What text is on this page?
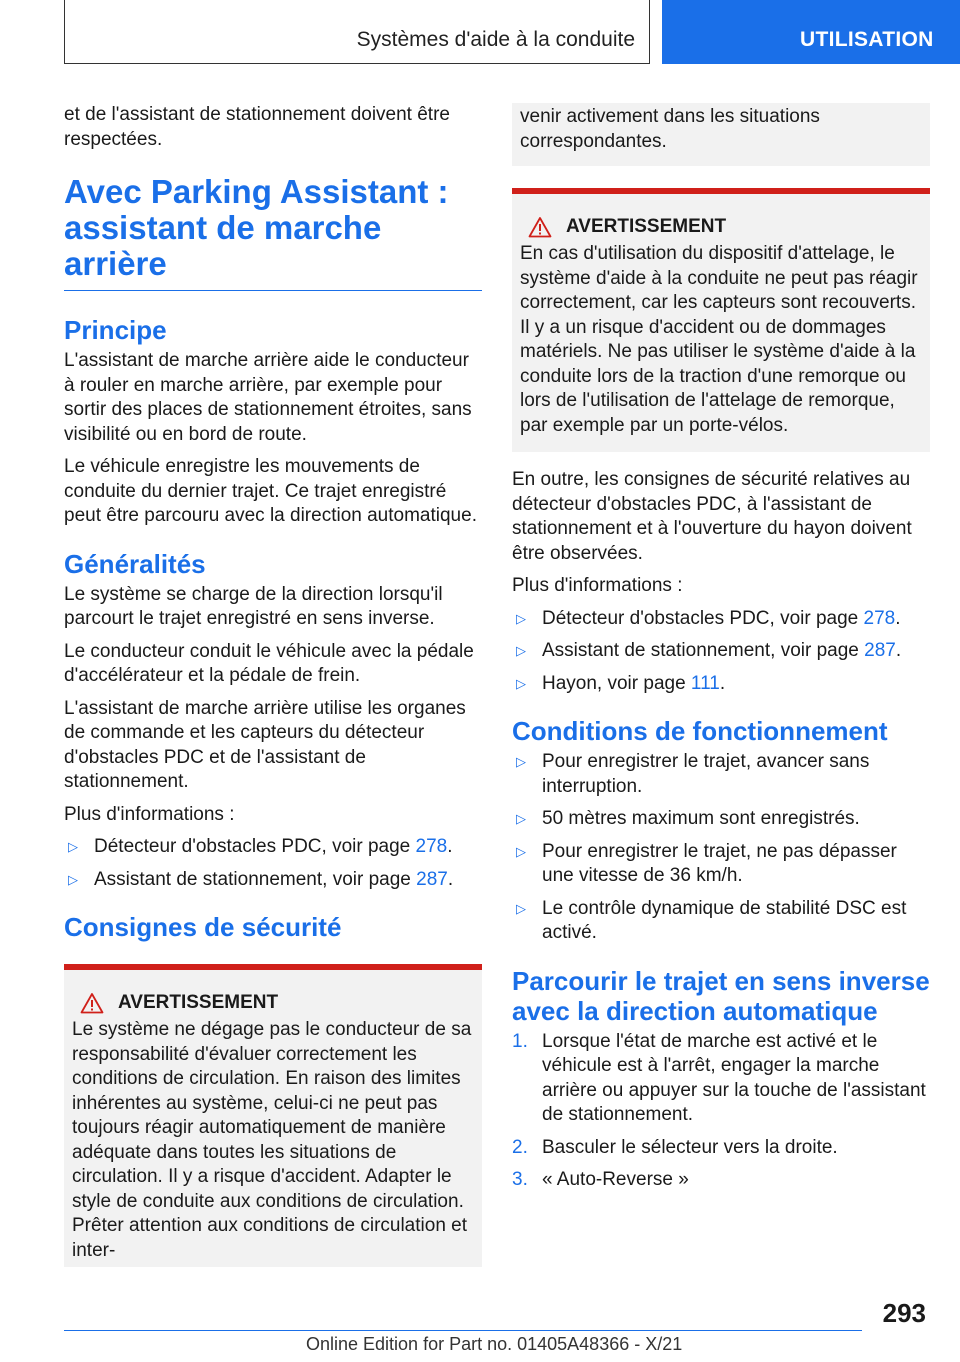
Systèmes d'aide à la conduite	UTILISATION

et de l'assistant de stationnement doivent être respectées.

Avec Parking Assistant : assistant de marche arrière
Principe

L'assistant de marche arrière aide le conducteur à rouler en marche arrière, par exemple pour sortir des places de stationnement étroites, sans visibilité ou en bord de route.

Le véhicule enregistre les mouvements de conduite du dernier trajet. Ce trajet enregistré peut être parcouru avec la direction automatique.

Généralités

Le système se charge de la direction lorsqu'il parcourt le trajet enregistré en sens inverse.

Le conducteur conduit le véhicule avec la pédale d'accélérateur et la pédale de frein.

L'assistant de marche arrière utilise les organes de commande et les capteurs du détecteur d'obstacles PDC et de l'assistant de stationnement.

Plus d'informations :

▷ Détecteur d'obstacles PDC, voir page 278.
▷ Assistant de stationnement, voir page 287.
Consignes de sécurité
AVERTISSEMENT
Le système ne dégage pas le conducteur de sa responsabilité d'évaluer correctement les conditions de circulation. En raison des limites inhérentes au système, celui-ci ne peut pas toujours réagir automatiquement de manière adéquate dans toutes les situations de circulation. Il y a risque d'accident. Adapter le style de conduite aux conditions de circulation. Prêter attention aux conditions de circulation et inter-
venir activement dans les situations correspondantes.
AVERTISSEMENT
En cas d'utilisation du dispositif d'attelage, le système d'aide à la conduite ne peut pas réagir correctement, car les capteurs sont recouverts. Il y a un risque d'accident ou de dommages matériels. Ne pas utiliser le système d'aide à la conduite lors de la traction d'une remorque ou lors de l'utilisation de l'attelage de remorque, par exemple par un porte-vélos.

En outre, les consignes de sécurité relatives au détecteur d'obstacles PDC, à l'assistant de stationnement et à l'ouverture du hayon doivent être observées.

Plus d'informations :

▷ Détecteur d'obstacles PDC, voir page 278.
▷ Assistant de stationnement, voir page 287.
▷ Hayon, voir page 111.
Conditions de fonctionnement
▷ Pour enregistrer le trajet, avancer sans interruption.
▷ 50 mètres maximum sont enregistrés.
▷ Pour enregistrer le trajet, ne pas dépasser une vitesse de 36 km/h.
▷ Le contrôle dynamique de stabilité DSC est activé.
Parcourir le trajet en sens inverse avec la direction automatique
1. Lorsque l'état de marche est activé et le véhicule est à l'arrêt, engager la marche arrière ou appuyer sur la touche de l'assistant de stationnement.
2. Basculer le sélecteur vers la droite.
3. « Auto-Reverse »
293
Online Edition for Part no. 01405A48366 - X/21
